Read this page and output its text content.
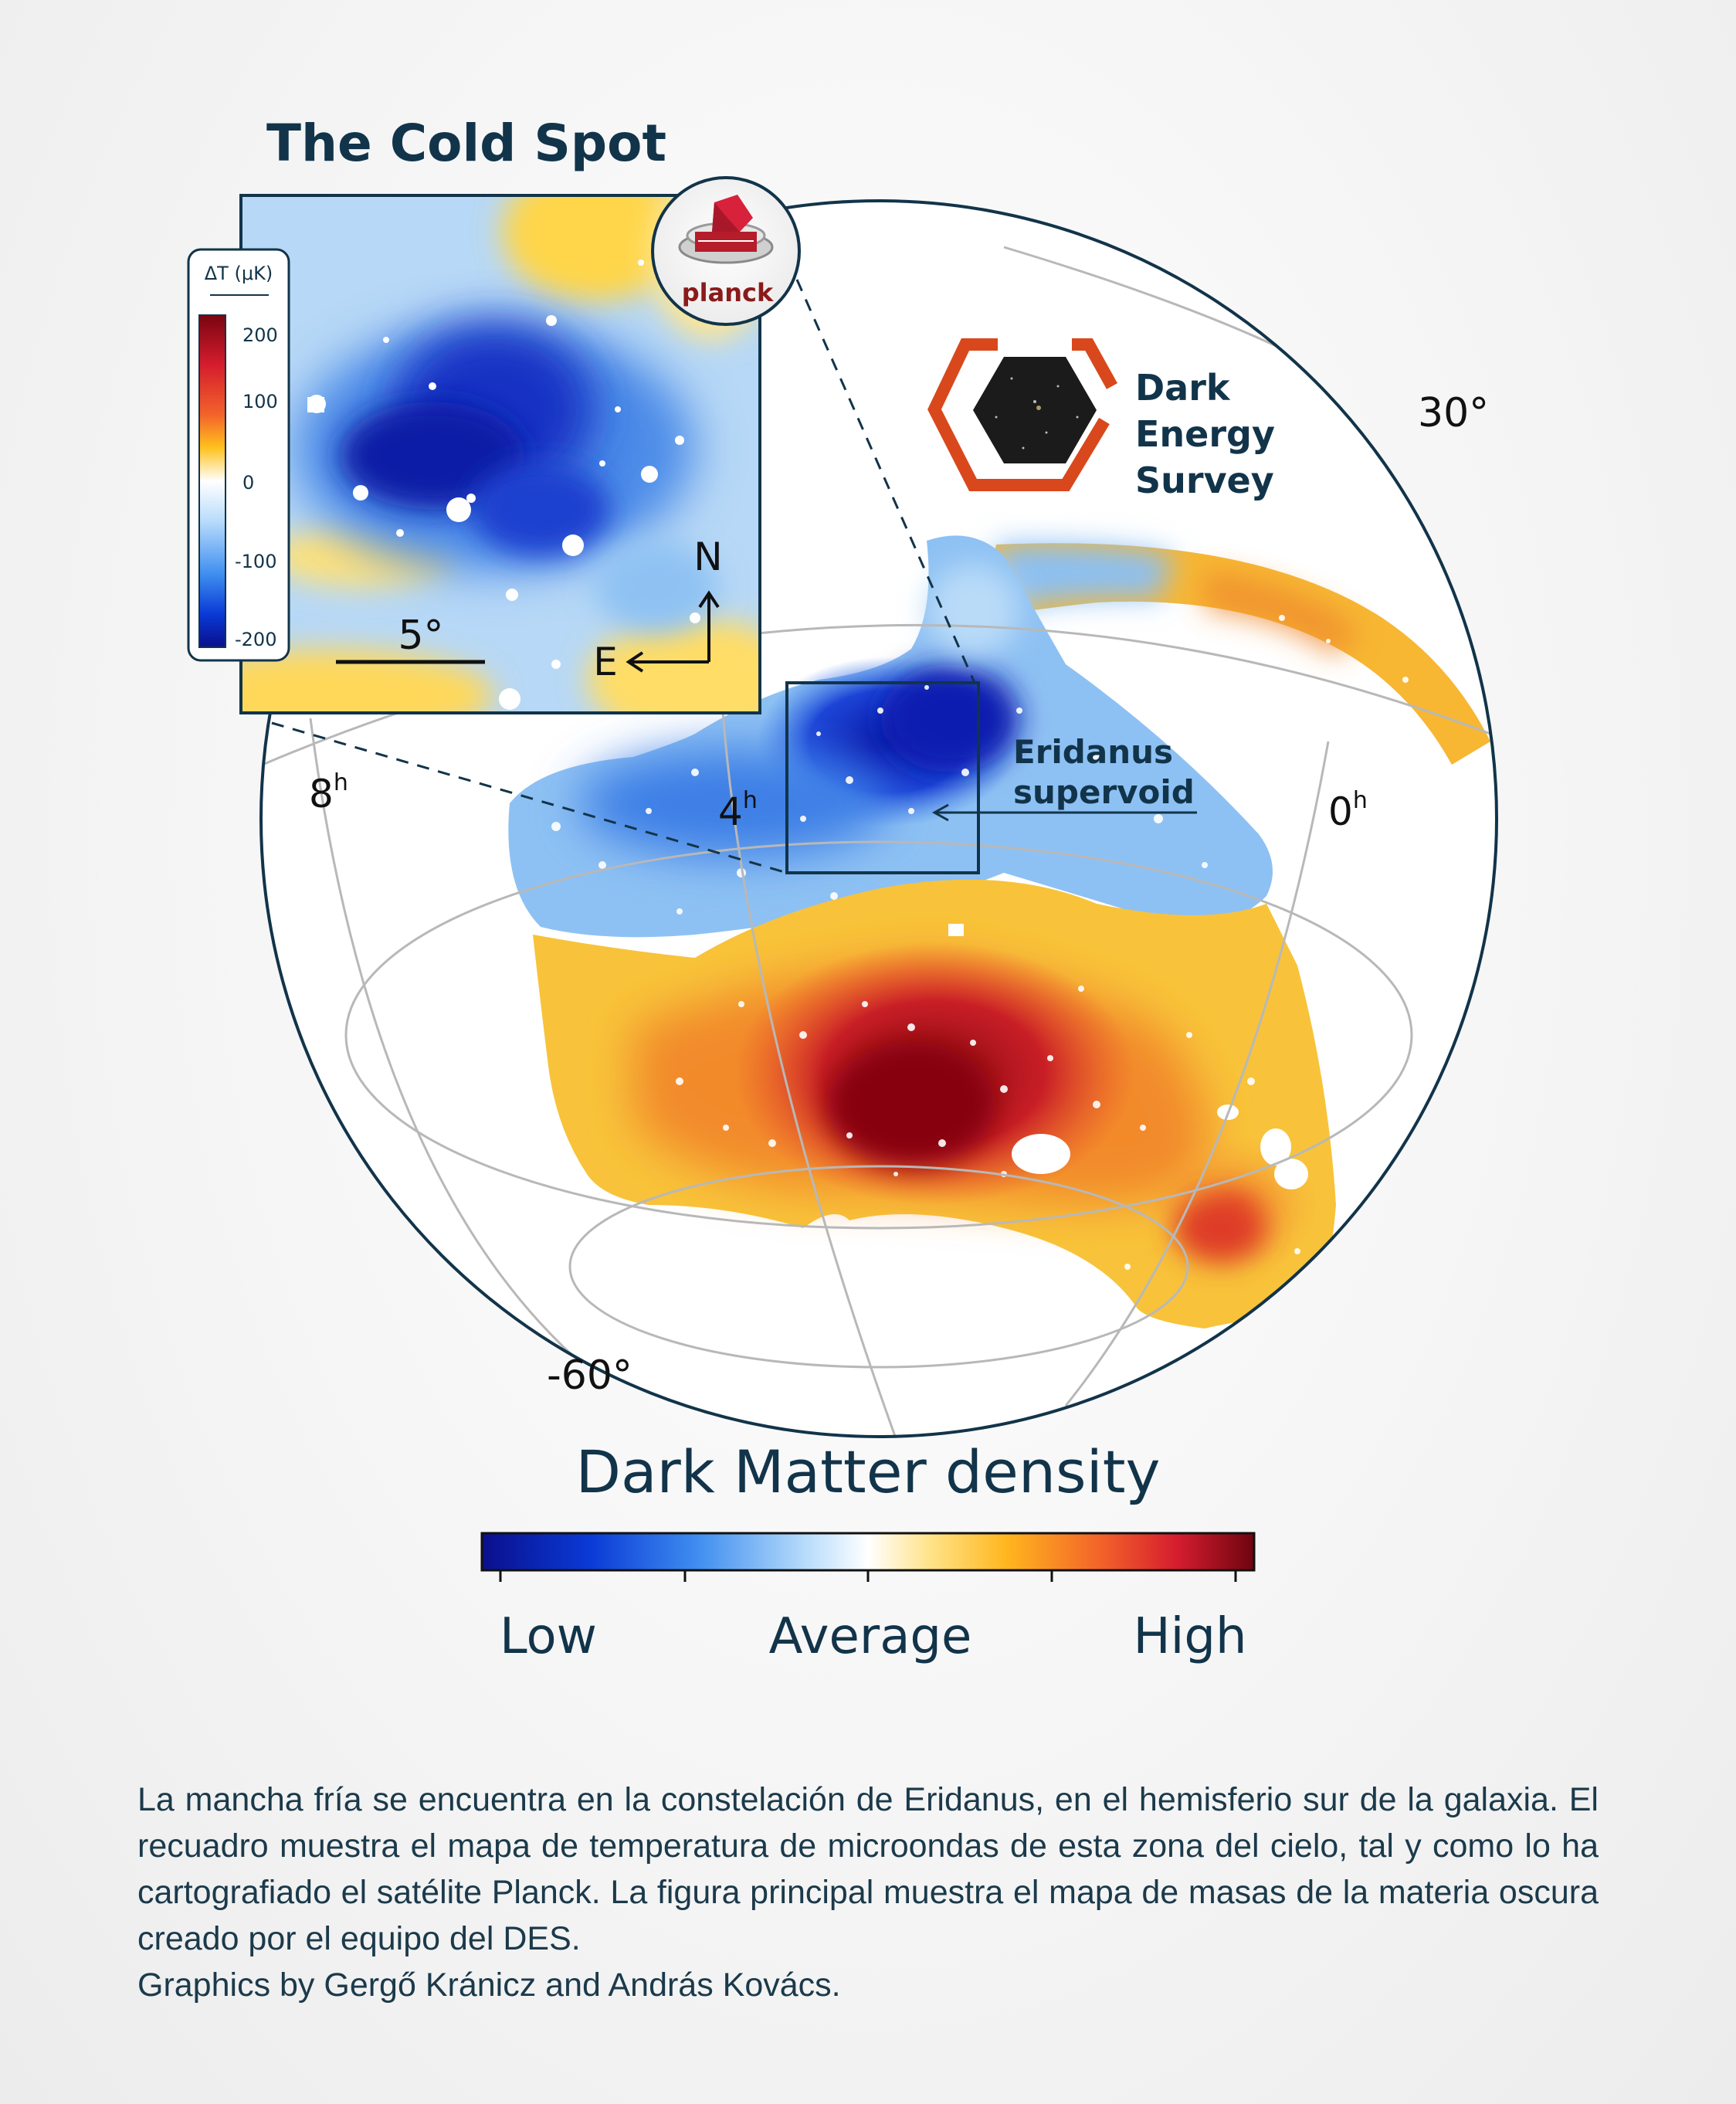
Eridanus
supervoid
8$^h$
4$^h$	0$^h$
30°
-60°
The Cold Spot
ΔT (μK)
200
100
0
-100
-200	5°
N
E
planck
Dark
Energy
Survey
Dark Matter density
Low	Average	High

La mancha fría se encuentra en la constelación de Eridanus, en el hemisferio sur de la galaxia. El recuadro muestra el mapa de temperatura de microondas de esta zona del cielo, tal y como lo ha cartografiado el satélite Planck. La figura principal muestra el mapa de masas de la materia oscura creado por el equipo del DES.

Graphics by Gergő Kránicz and András Kovács.
